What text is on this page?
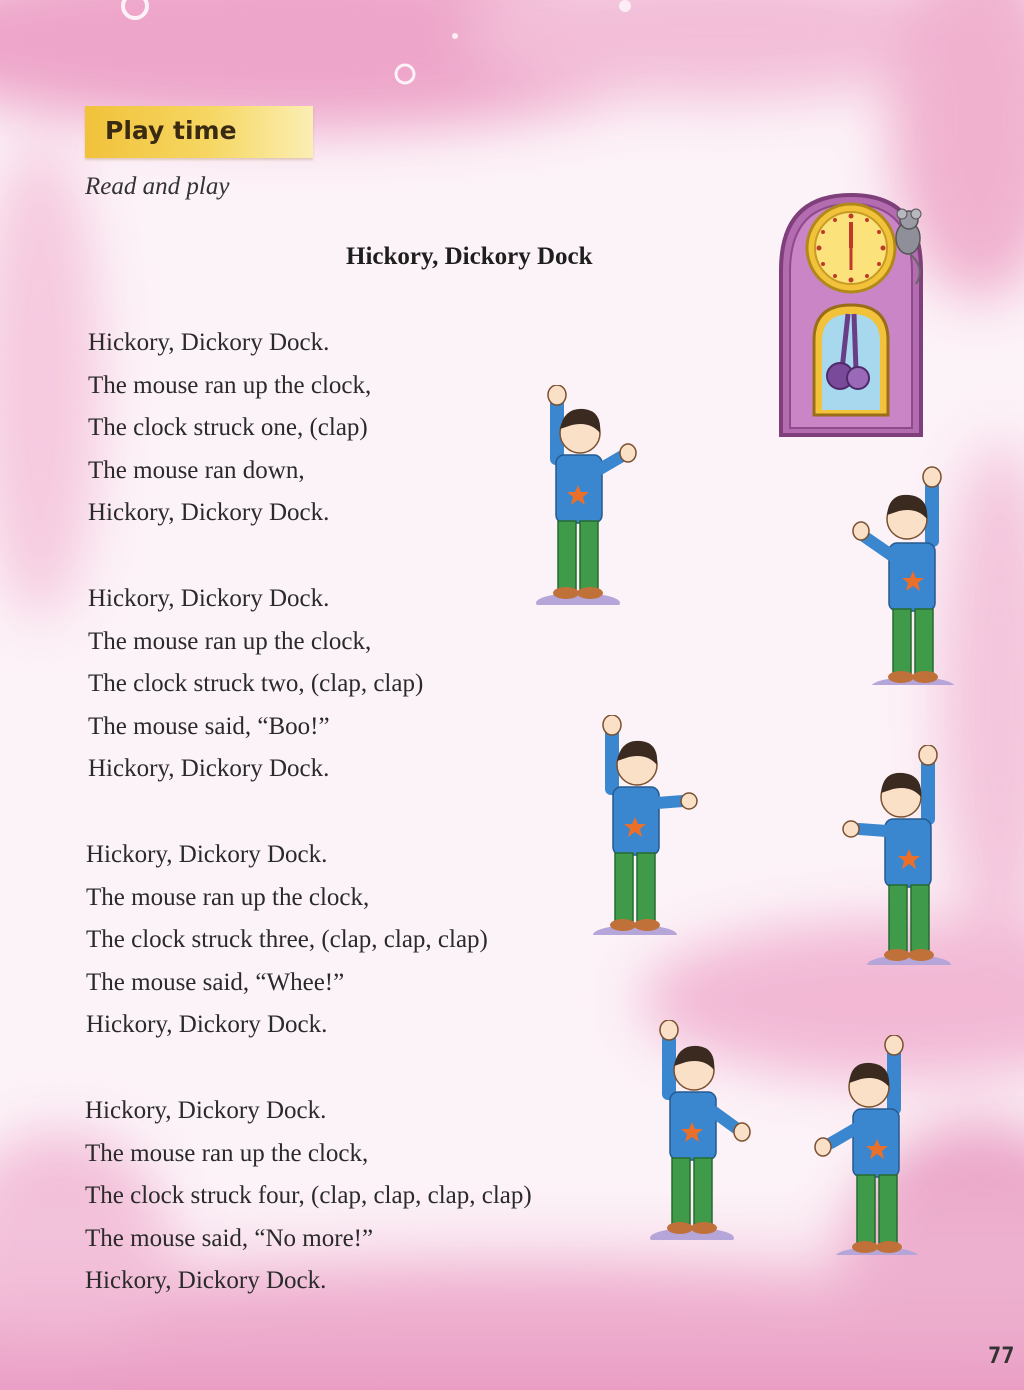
Play time
Read and play
Hickory, Dickory Dock
Hickory, Dickory Dock.
The mouse ran up the clock,
The clock struck one, (clap)
The mouse ran down,
Hickory, Dickory Dock.
Hickory, Dickory Dock.
The mouse ran up the clock,
The clock struck two, (clap, clap)
The mouse said, “Boo!”
Hickory, Dickory Dock.
Hickory, Dickory Dock.
The mouse ran up the clock,
The clock struck three, (clap, clap, clap)
The mouse said, “Whee!”
Hickory, Dickory Dock.
Hickory, Dickory Dock.
The mouse ran up the clock,
The clock struck four, (clap, clap, clap, clap)
The mouse said, “No more!”
Hickory, Dickory Dock.
77
